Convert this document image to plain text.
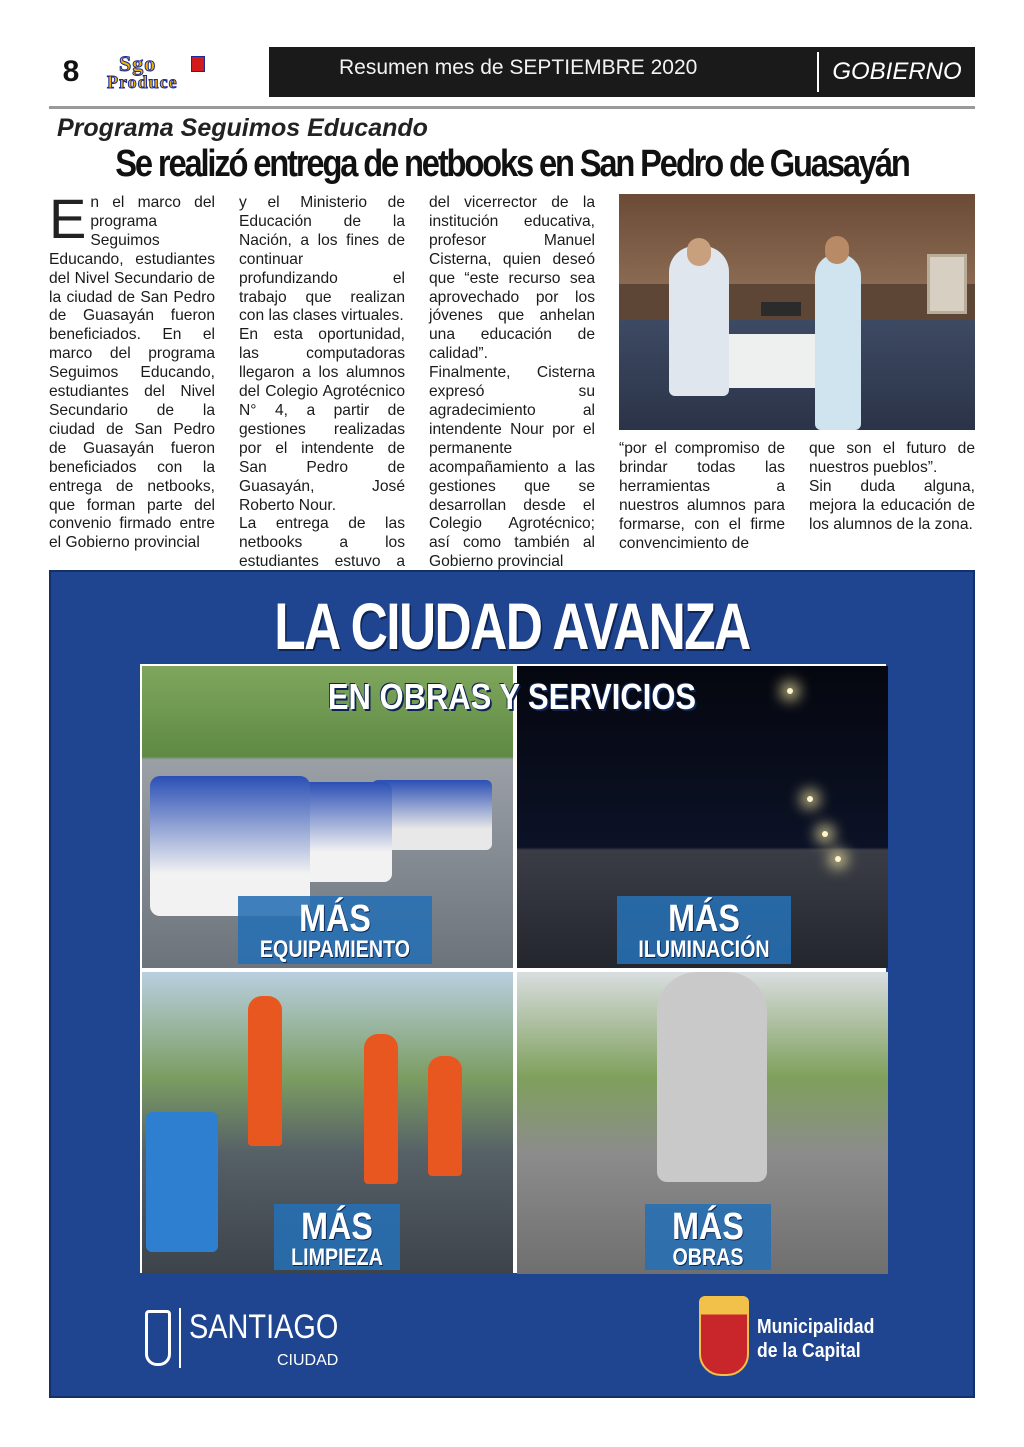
8	Sgo
Produce
Resumen mes de SEPTIEMBRE 2020	GOBIERNO
Programa Seguimos Educando
Se realizó entrega de netbooks en San Pedro de Guasayán
En el marco del programa Seguimos Educando, estudiantes del Nivel Secundario de la ciudad de San Pedro de Guasayán fueron beneficiados. En el marco del programa Seguimos Educando, estudiantes del Nivel Secundario de la ciudad de San Pedro de Guasayán fueron beneficiados con la entrega de netbooks, que forman parte del convenio firmado entre el Gobierno provincial

y el Ministerio de Educación de la Nación, a los fines de continuar profundizando el trabajo que realizan con las clases virtuales.

En esta oportunidad, las computadoras llegaron a los alumnos del Colegio Agrotécnico N° 4, a partir de gestiones realizadas por el intendente de San Pedro de Guasayán, José Roberto Nour.

La entrega de las netbooks a los estudiantes estuvo a

del vicerrector de la institución educativa, profesor Manuel Cisterna, quien deseó que “este recurso sea aprovechado por los jóvenes que anhelan una educación de calidad”.

Finalmente, Cisterna expresó su agradecimiento al intendente Nour por el permanente acompañamiento a las gestiones que se desarrollan desde el Colegio Agrotécnico; así como también al Gobierno provincial

“por el compromiso de brindar todas las herramientas a nuestros alumnos para formarse, con el firme convencimiento de

que son el futuro de nuestros pueblos”.

Sin duda alguna, mejora la educación de los alumnos de la zona.

LA CIUDAD AVANZA
EN OBRAS Y SERVICIOS
MÁS
EQUIPAMIENTO
MÁS
ILUMINACIÓN
MÁS
LIMPIEZA
MÁS
OBRAS
SANTIAGO
CIUDAD
Municipalidad
de la Capital
